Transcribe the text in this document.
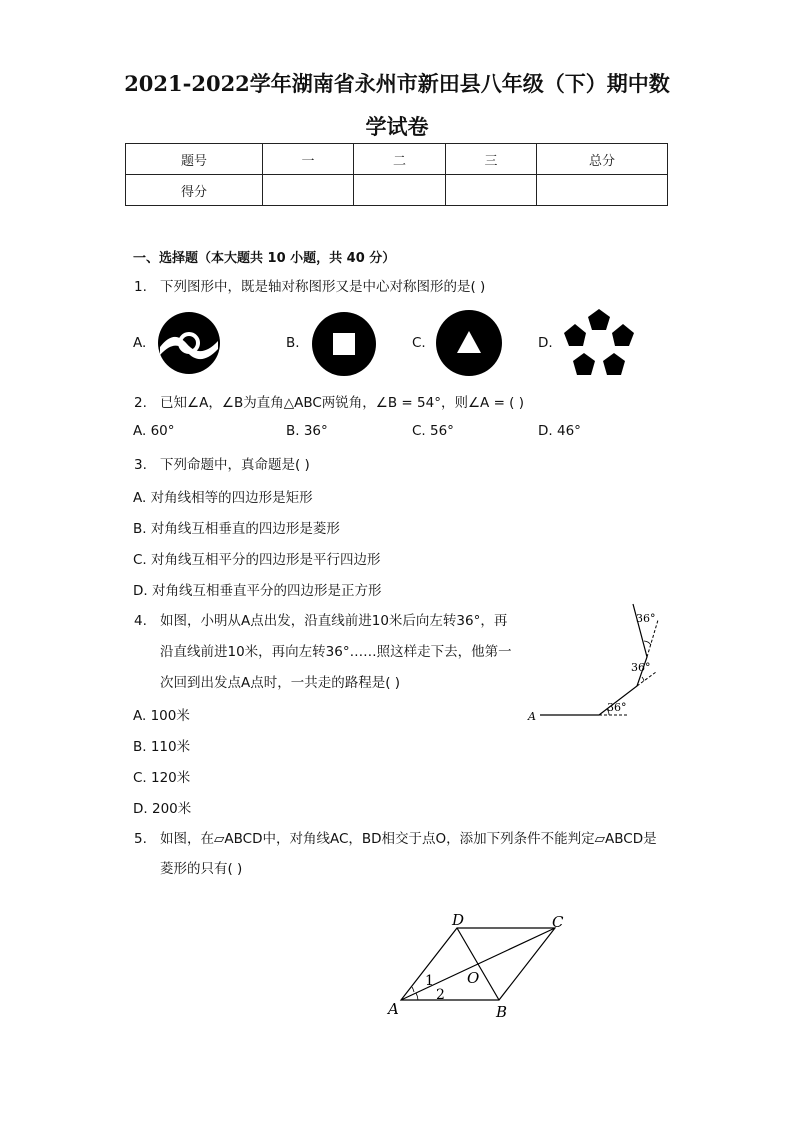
2021-2022学年湖南省永州市新田县八年级（下）期中数
学试卷
题号	一	二	三	总分
得分				
一、选择题（本大题共 10 小题，共 40 分）
1. 下列图形中，既是轴对称图形又是中心对称图形的是( )
A.	B.	C.	D.
2. 已知∠A，∠B为直角△ABC两锐角，∠B = 54°，则∠A = ( )
A. 60°	B. 36°	C. 56°	D. 46°
3. 下列命题中，真命题是( )
A. 对角线相等的四边形是矩形
B. 对角线互相垂直的四边形是菱形
C. 对角线互相平分的四边形是平行四边形
D. 对角线互相垂直平分的四边形是正方形
4. 如图，小明从A点出发，沿直线前进10米后向左转36°，再
沿直线前进10米，再向左转36°……照这样走下去，他第一
次回到出发点A点时，一共走的路程是( )
A. 100米
B. 110米
C. 120米
D. 200米
A
36°
36°
36°
5. 如图，在▱ABCD中，对角线AC，BD相交于点O，添加下列条件不能判定▱ABCD是
菱形的只有( )
A	B
C
D
O
1
2
